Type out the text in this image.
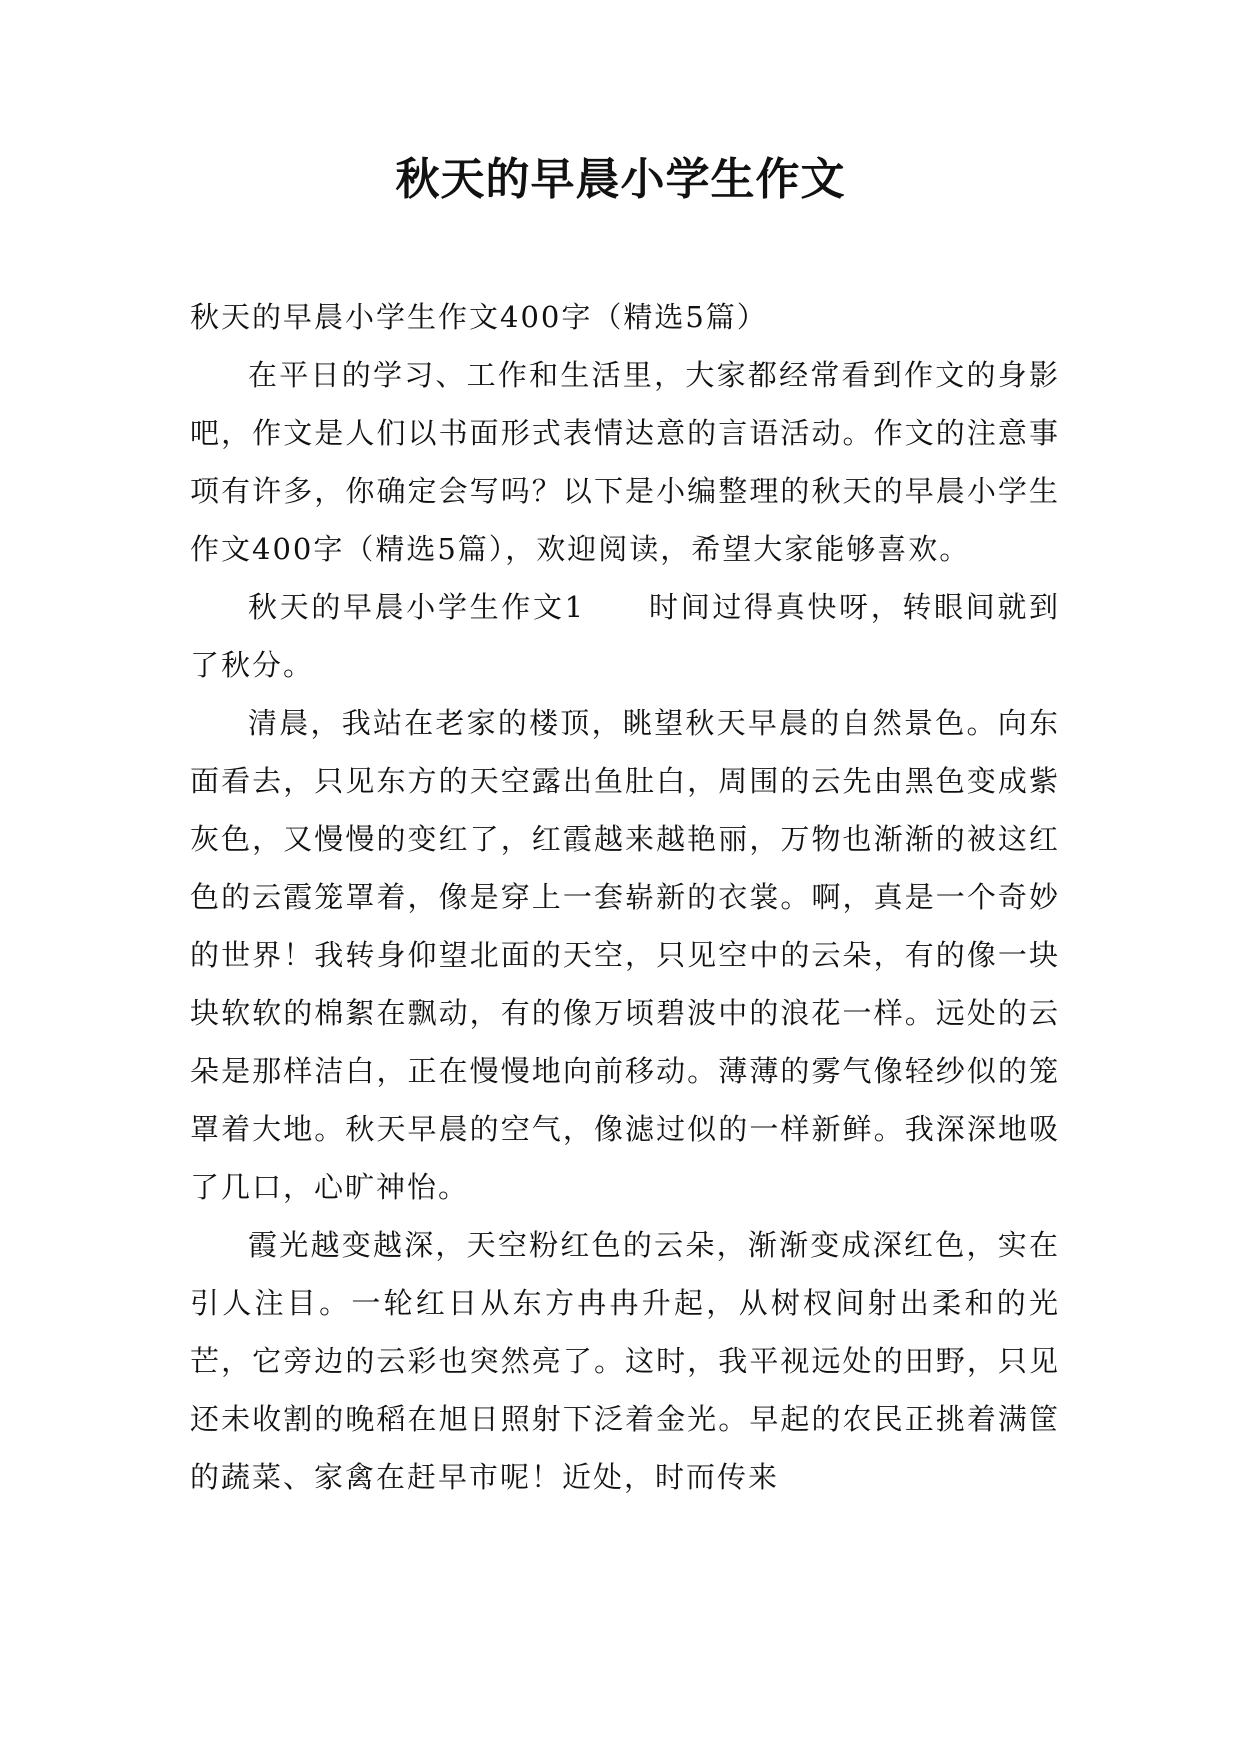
秋天的早晨小学生作文

秋天的早晨小学生作文400字（精选5篇）

在平日的学习、工作和生活里，大家都经常看到作文的身影吧，作文是人们以书面形式表情达意的言语活动。作文的注意事项有许多，你确定会写吗？以下是小编整理的秋天的早晨小学生作文400字（精选5篇），欢迎阅读，希望大家能够喜欢。

秋天的早晨小学生作文1　　时间过得真快呀，转眼间就到了秋分。

清晨，我站在老家的楼顶，眺望秋天早晨的自然景色。向东面看去，只见东方的天空露出鱼肚白，周围的云先由黑色变成紫灰色，又慢慢的变红了，红霞越来越艳丽，万物也渐渐的被这红色的云霞笼罩着，像是穿上一套崭新的衣裳。啊，真是一个奇妙的世界！我转身仰望北面的天空，只见空中的云朵，有的像一块块软软的棉絮在飘动，有的像万顷碧波中的浪花一样。远处的云朵是那样洁白，正在慢慢地向前移动。薄薄的雾气像轻纱似的笼罩着大地。秋天早晨的空气，像滤过似的一样新鲜。我深深地吸了几口，心旷神怡。

霞光越变越深，天空粉红色的云朵，渐渐变成深红色，实在引人注目。一轮红日从东方冉冉升起，从树杈间射出柔和的光芒，它旁边的云彩也突然亮了。这时，我平视远处的田野，只见还未收割的晚稻在旭日照射下泛着金光。早起的农民正挑着满筐的蔬菜、家禽在赶早市呢！近处，时而传来
